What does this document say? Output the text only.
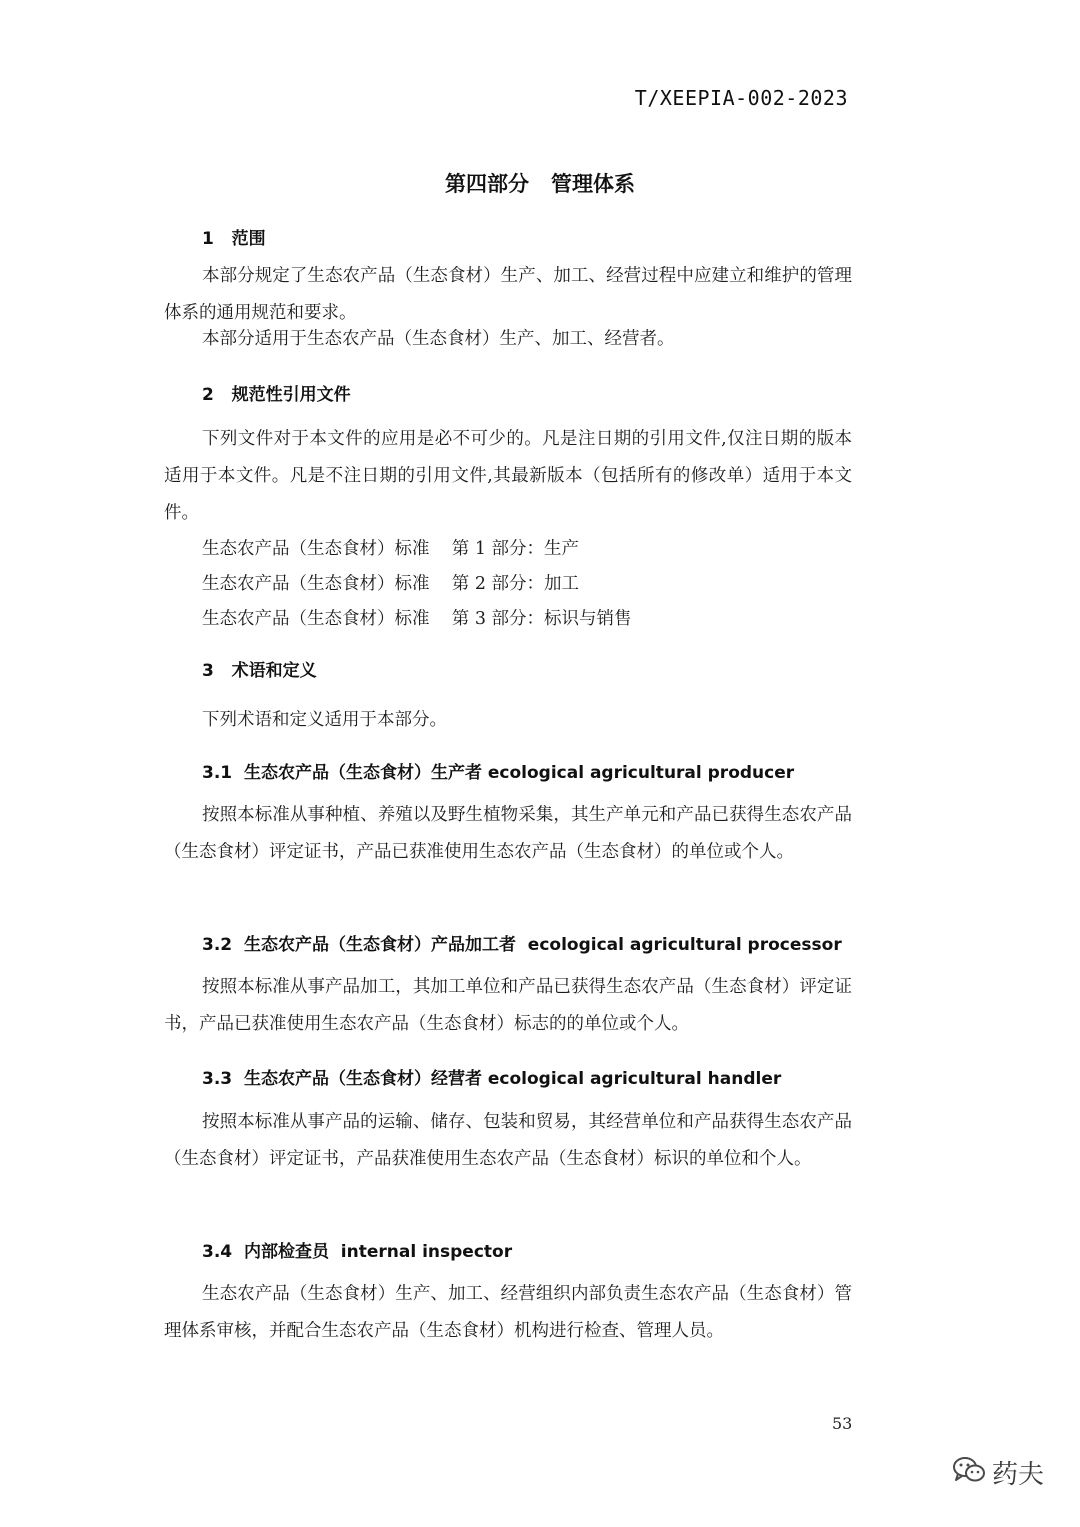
T/XEEPIA-002-2023
第四部分   管理体系
1   范围
本部分规定了生态农产品（生态食材）生产、加工、经营过程中应建立和维护的管理体系的通用规范和要求。
本部分适用于生态农产品（生态食材）生产、加工、经营者。
2   规范性引用文件
下列文件对于本文件的应用是必不可少的。凡是注日期的引用文件,仅注日期的版本适用于本文件。凡是不注日期的引用文件,其最新版本（包括所有的修改单）适用于本文件。
生态农产品（生态食材）标准    第 1 部分：生产
生态农产品（生态食材）标准    第 2 部分：加工
生态农产品（生态食材）标准    第 3 部分：标识与销售
3   术语和定义
下列术语和定义适用于本部分。
3.1  生态农产品（生态食材）生产者 ecological agricultural producer
按照本标准从事种植、养殖以及野生植物采集，其生产单元和产品已获得生态农产品（生态食材）评定证书，产品已获准使用生态农产品（生态食材）的单位或个人。
3.2  生态农产品（生态食材）产品加工者  ecological agricultural processor
按照本标准从事产品加工，其加工单位和产品已获得生态农产品（生态食材）评定证书，产品已获准使用生态农产品（生态食材）标志的的单位或个人。
3.3  生态农产品（生态食材）经营者 ecological agricultural handler
按照本标准从事产品的运输、储存、包装和贸易，其经营单位和产品获得生态农产品（生态食材）评定证书，产品获准使用生态农产品（生态食材）标识的单位和个人。
3.4  内部检查员  internal inspector
生态农产品（生态食材）生产、加工、经营组织内部负责生态农产品（生态食材）管理体系审核，并配合生态农产品（生态食材）机构进行检查、管理人员。
53
药夫
